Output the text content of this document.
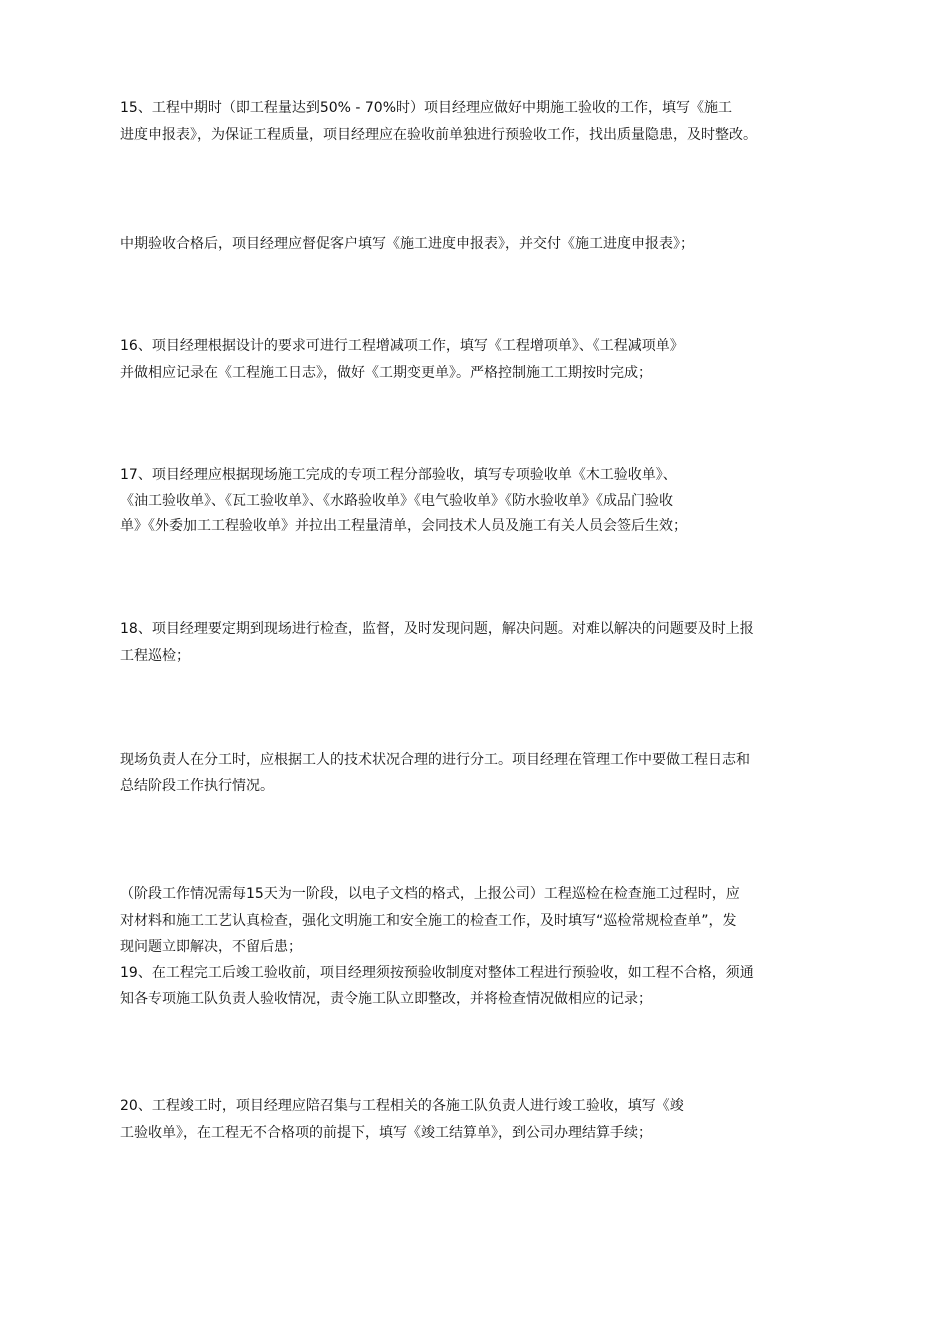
15、工程中期时（即工程量达到50% - 70%时）项目经理应做好中期施工验收的工作，填写《施工
进度申报表》，为保证工程质量，项目经理应在验收前单独进行预验收工作，找出质量隐患，及时整改。
中期验收合格后，项目经理应督促客户填写《施工进度申报表》，并交付《施工进度申报表》；
16、项目经理根据设计的要求可进行工程增减项工作，填写《工程增项单》、《工程减项单》
并做相应记录在《工程施工日志》，做好《工期变更单》。严格控制施工工期按时完成；
17、项目经理应根据现场施工完成的专项工程分部验收，填写专项验收单《木工验收单》、
《油工验收单》、《瓦工验收单》、《水路验收单》《电气验收单》《防水验收单》《成品门验收
单》《外委加工工程验收单》并拉出工程量清单，会同技术人员及施工有关人员会签后生效；
18、项目经理要定期到现场进行检查，监督，及时发现问题，解决问题。对难以解决的问题要及时上报
工程巡检；
现场负责人在分工时，应根据工人的技术状况合理的进行分工。项目经理在管理工作中要做工程日志和
总结阶段工作执行情况。
（阶段工作情况需每15天为一阶段，以电子文档的格式，上报公司）工程巡检在检查施工过程时，应
对材料和施工工艺认真检查，强化文明施工和安全施工的检查工作，及时填写“巡检常规检查单”，发
现问题立即解决，不留后患；
19、在工程完工后竣工验收前，项目经理须按预验收制度对整体工程进行预验收，如工程不合格，须通
知各专项施工队负责人验收情况，责令施工队立即整改，并将检查情况做相应的记录；
20、工程竣工时，项目经理应陪召集与工程相关的各施工队负责人进行竣工验收，填写《竣
工验收单》，在工程无不合格项的前提下，填写《竣工结算单》，到公司办理结算手续；
